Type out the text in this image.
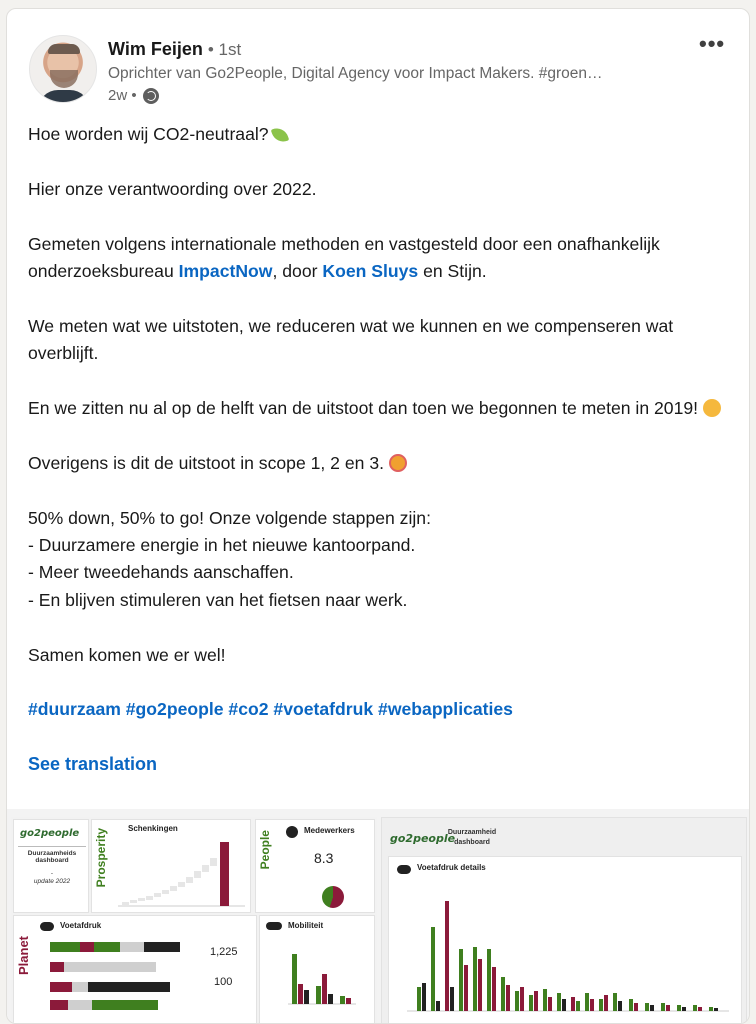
Wim Feijen • 1st
Oprichter van Go2People, Digital Agency voor Impact Makers. #groen…
2w •
•••

Hoe worden wij CO2-neutraal?

Hier onze verantwoording over 2022.

Gemeten volgens internationale methoden en vastgesteld door een onafhankelijk onderzoeksbureau ImpactNow, door Koen Sluys en Stijn.

We meten wat we uitstoten, we reduceren wat we kunnen en we compenseren wat overblijft.

En we zitten nu al op de helft van de uitstoot dan toen we begonnen te meten in 2019!

Overigens is dit de uitstoot in scope 1, 2 en 3.

50% down, 50% to go! Onze volgende stappen zijn:

- Duurzamere energie in het nieuwe kantoorpand.

- Meer tweedehands aanschaffen.

- En blijven stimuleren van het fietsen naar werk.

Samen komen we er wel!

#duurzaam #go2people #co2 #voetafdruk #webapplicaties

See translation
go2people
Duurzaamheids dashboard
-
update 2022	Prosperity	Schenkingen
People	Medewerkers
8.3
Planet
Voetafdruk
1,225
100
Mobiliteit
go2people
Duurzaamheid dashboard
Voetafdruk details
